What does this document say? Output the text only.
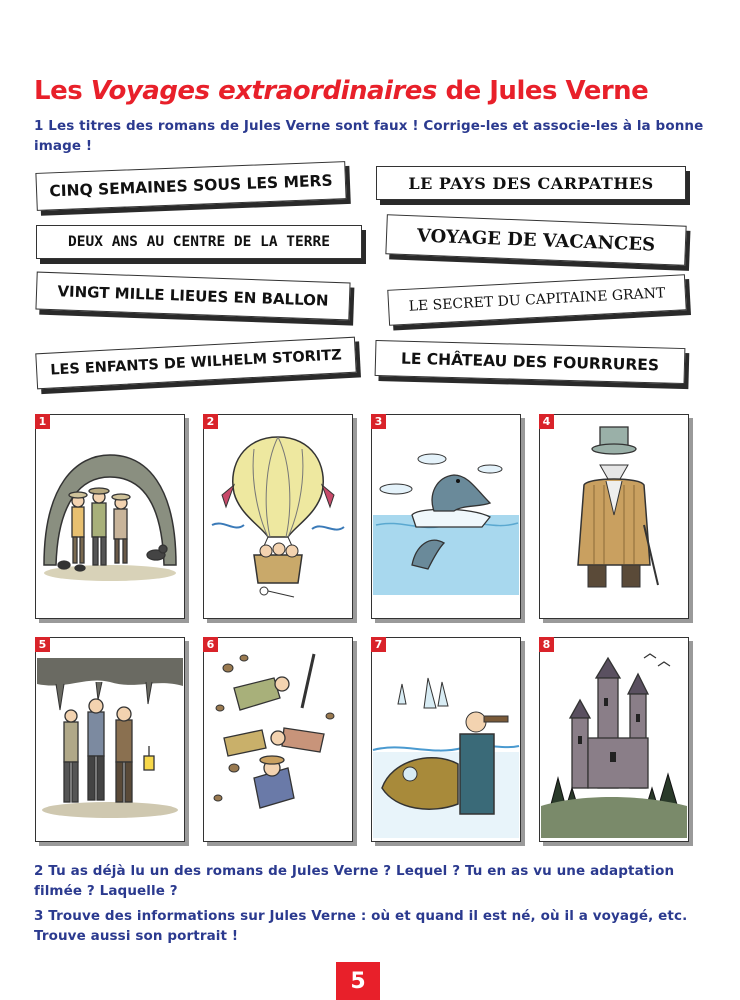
Les Voyages extraordinaires de Jules Verne
1 Les titres des romans de Jules Verne sont faux ! Corrige-les et associe-les à la bonne image !
CINQ SEMAINES SOUS LES MERS	LE PAYS DES CARPATHES
DEUX ANS AU CENTRE DE LA TERRE	VOYAGE DE VACANCES
VINGT MILLE LIEUES EN BALLON	LE SECRET DU CAPITAINE GRANT
LES ENFANTS DE WILHELM STORITZ	LE CHÂTEAU DES FOURRURES
1	2	3	4
5	6	7	8
2 Tu as déjà lu un des romans de Jules Verne ? Lequel ? Tu en as vu une adaptation filmée ? Laquelle ?
3 Trouve des informations sur Jules Verne : où et quand il est né, où il a voyagé, etc. Trouve aussi son portrait !
5
